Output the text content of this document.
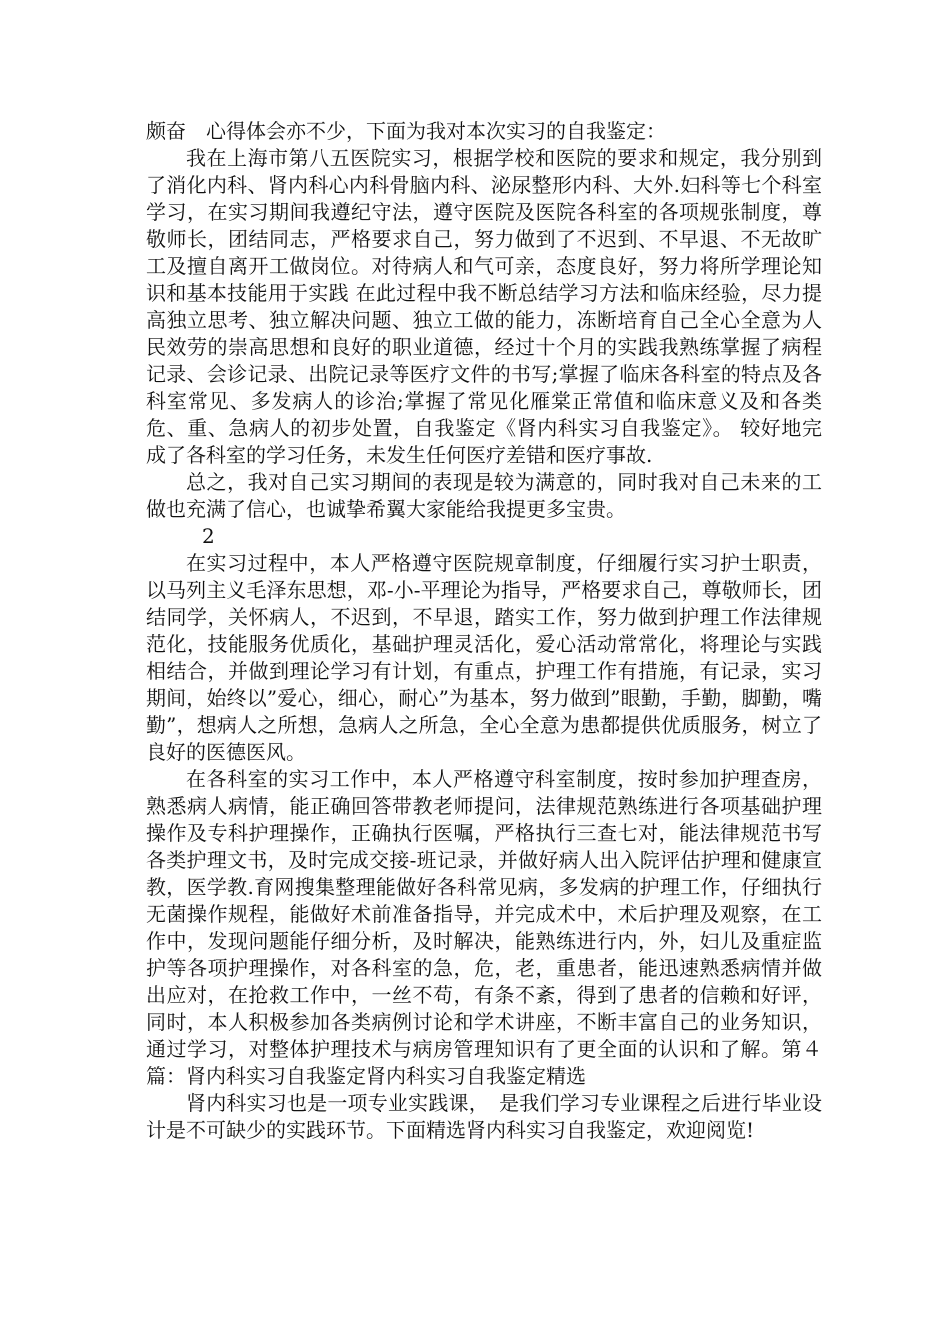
颇奋　心得体会亦不少，下面为我对本次实习的自我鉴定：

我在上海市第八五医院实习，根据学校和医院的要求和规定，我分别到了消化内科、肾内科心内科骨脑内科、泌尿整形内科、大外.妇科等七个科室学习，在实习期间我遵纪守法，遵守医院及医院各科室的各项规张制度，尊敬师长，团结同志，严格要求自己，努力做到了不迟到、不早退、不无故旷工及擅自离开工做岗位。对待病人和气可亲，态度良好，努力将所学理论知识和基本技能用于实践 在此过程中我不断总结学习方法和临床经验，尽力提高独立思考、独立解决问题、独立工做的能力，冻断培育自己全心全意为人民效劳的崇高思想和良好的职业道德，经过十个月的实践我熟练掌握了病程记录、会诊记录、出院记录等医疗文件的书写;掌握了临床各科室的特点及各科室常见、多发病人的诊治;掌握了常见化雁棠正常值和临床意义及和各类危、重、急病人的初步处置，自我鉴定《肾内科实习自我鉴定》。 较好地完成了各科室的学习任务，未发生任何医疗差错和医疗事故.

总之，我对自己实习期间的表现是较为满意的，同时我对自己未来的工做也充满了信心，也诚挚希翼大家能给我提更多宝贵。

2

在实习过程中，本人严格遵守医院规章制度，仔细履行实习护士职责，以马列主义毛泽东思想，邓-小-平理论为指导，严格要求自己，尊敬师长，团结同学，关怀病人，不迟到，不早退，踏实工作，努力做到护理工作法律规范化，技能服务优质化，基础护理灵活化，爱心活动常常化，将理论与实践相结合，并做到理论学习有计划，有重点，护理工作有措施，有记录，实习期间，始终以”爱心，细心，耐心”为基本，努力做到”眼勤，手勤，脚勤，嘴勤”，想病人之所想，急病人之所急，全心全意为患都提供优质服务，树立了良好的医德医风。

在各科室的实习工作中，本人严格遵守科室制度，按时参加护理查房，熟悉病人病情，能正确回答带教老师提问，法律规范熟练进行各项基础护理操作及专科护理操作，正确执行医嘱，严格执行三查七对，能法律规范书写各类护理文书，及时完成交接-班记录，并做好病人出入院评估护理和健康宣教，医学教.育网搜集整理能做好各科常见病，多发病的护理工作，仔细执行无菌操作规程，能做好术前准备指导，并完成术中，术后护理及观察，在工作中，发现问题能仔细分析，及时解决，能熟练进行内，外，妇儿及重症监护等各项护理操作，对各科室的急，危，老，重患者，能迅速熟悉病情并做出应对，在抢救工作中，一丝不苟，有条不紊，得到了患者的信赖和好评，同时，本人积极参加各类病例讨论和学术讲座，不断丰富自己的业务知识，通过学习，对整体护理技术与病房管理知识有了更全面的认识和了解。第４篇：肾内科实习自我鉴定肾内科实习自我鉴定精选

肾内科实习也是一项专业实践课，　是我们学习专业课程之后进行毕业设计是不可缺少的实践环节。下面精选肾内科实习自我鉴定，欢迎阅览!
